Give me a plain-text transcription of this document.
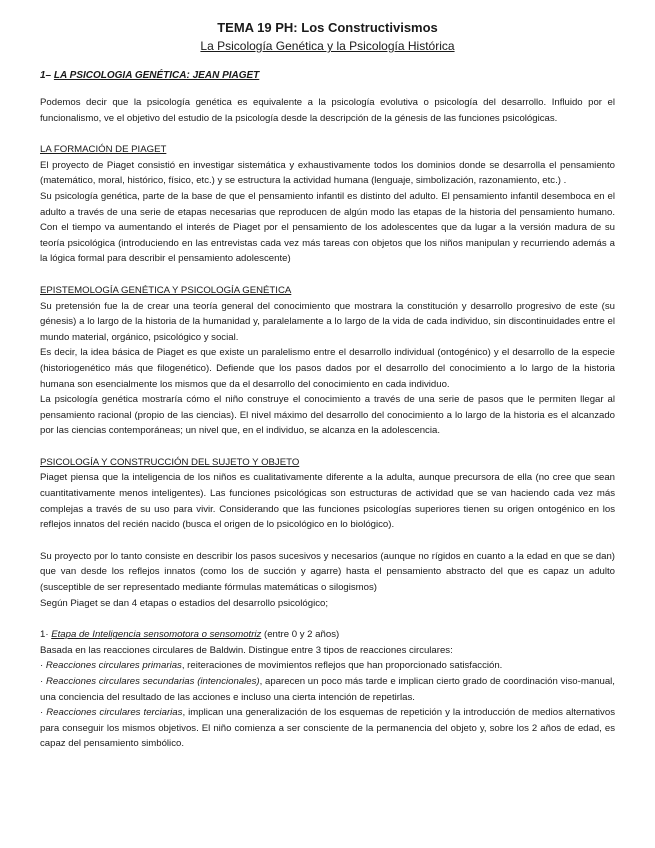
TEMA 19 PH: Los Constructivismos
La Psicología Genética y la Psicología Histórica
1– LA PSICOLOGIA GENÉTICA: JEAN PIAGET

Podemos decir que la psicología genética es equivalente a la psicología evolutiva o psicología del desarrollo. Influido por el funcionalismo, ve el objetivo del estudio de la psicología desde la descripción de la génesis de las funciones psicológicas.

LA FORMACIÓN DE PIAGET

El proyecto de Piaget consistió en investigar sistemática y exhaustivamente todos los dominios donde se desarrolla el pensamiento (matemático, moral, histórico, físico, etc.) y se estructura la actividad humana (lenguaje, simbolización, razonamiento, etc.) .

Su psicología genética, parte de la base de que el pensamiento infantil es distinto del adulto. El pensamiento infantil desemboca en el adulto a través de una serie de etapas necesarias que reproducen de algún modo las etapas de la historia del pensamiento humano. Con el tiempo va aumentando el interés de Piaget por el pensamiento de los adolescentes que da lugar a la versión madura de su teoría psicológica (introduciendo en las entrevistas cada vez más tareas con objetos que los niños manipulan y recurriendo además a la lógica formal para describir el pensamiento adolescente)

EPISTEMOLOGÍA GENÉTICA Y PSICOLOGÍA GENÉTICA

Su pretensión fue la de crear una teoría general del conocimiento que mostrara la constitución y desarrollo progresivo de este (su génesis) a lo largo de la historia de la humanidad y, paralelamente a lo largo de la vida de cada individuo, sin discontinuidades entre el mundo material, orgánico, psicológico y social.

Es decir, la idea básica de Piaget es que existe un paralelismo entre el desarrollo individual (ontogénico) y el desarrollo de la especie (historiogenético más que filogenético). Defiende que los pasos dados por el desarrollo del conocimiento a lo largo de la historia humana son esencialmente los mismos que da el desarrollo del conocimiento en cada individuo.

La psicología genética mostraría cómo el niño construye el conocimiento a través de una serie de pasos que le permiten llegar al pensamiento racional (propio de las ciencias). El nivel máximo del desarrollo del conocimiento a lo largo de la historia es el alcanzado por las ciencias contemporáneas; un nivel que, en el individuo, se alcanza en la adolescencia.

PSICOLOGÍA Y CONSTRUCCIÓN DEL SUJETO Y OBJETO

Piaget piensa que la inteligencia de los niños es cualitativamente diferente a la adulta, aunque precursora de ella (no cree que sean cuantitativamente menos inteligentes). Las funciones psicológicas son estructuras de actividad que se van haciendo cada vez más complejas a través de su uso para vivir. Considerando que las funciones psicologías superiores tienen su origen ontogénico en los reflejos innatos del recién nacido (busca el origen de lo psicológico en lo biológico).

Su proyecto por lo tanto consiste en describir los pasos sucesivos y necesarios (aunque no rígidos en cuanto a la edad en que se dan) que van desde los reflejos innatos (como los de succión y agarre) hasta el pensamiento abstracto del que es capaz un adulto (susceptible de ser representado mediante fórmulas matemáticas o silogismos)

Según Piaget se dan 4 etapas o estadios del desarrollo psicológico;

1· Etapa de Inteligencia sensomotora o sensomotriz (entre 0 y 2 años)

Basada en las reacciones circulares de Baldwin. Distingue entre 3 tipos de reacciones circulares:

· Reacciones circulares primarias, reiteraciones de movimientos reflejos que han proporcionado satisfacción.

· Reacciones circulares secundarias (intencionales), aparecen un poco más tarde e implican cierto grado de coordinación viso-manual, una conciencia del resultado de las acciones e incluso una cierta intención de repetirlas.

· Reacciones circulares terciarias, implican una generalización de los esquemas de repetición y la introducción de medios alternativos para conseguir los mismos objetivos. El niño comienza a ser consciente de la permanencia del objeto y, sobre los 2 años de edad, es capaz del pensamiento simbólico.
